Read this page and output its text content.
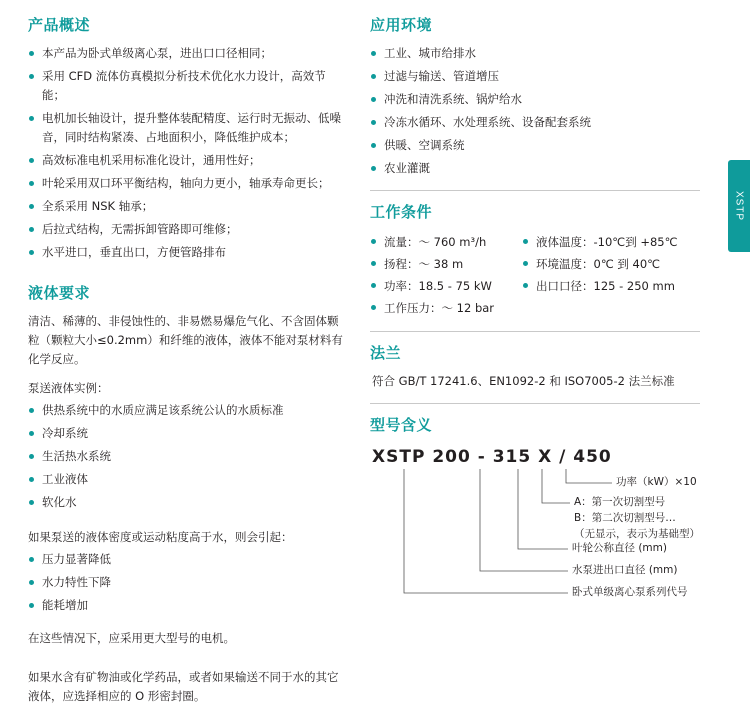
XSTP
产品概述
本产品为卧式单级离心泵，进出口口径相同；
采用 CFD 流体仿真模拟分析技术优化水力设计，高效节能；
电机加长轴设计，提升整体装配精度、运行时无振动、低噪音，同时结构紧凑、占地面积小，降低维护成本；
高效标准电机采用标准化设计，通用性好；
叶轮采用双口环平衡结构，轴向力更小，轴承寿命更长；
全系采用 NSK 轴承；
后拉式结构，无需拆卸管路即可维修；
水平进口，垂直出口，方便管路排布
液体要求

清洁、稀薄的、非侵蚀性的、非易燃易爆危气化、不含固体颗粒（颗粒大小≤0.2mm）和纤维的液体，液体不能对泵材料有化学反应。

泵送液体实例：

供热系统中的水质应满足该系统公认的水质标准
冷却系统
生活热水系统
工业液体
软化水

如果泵送的液体密度或运动粘度高于水，则会引起：

压力显著降低
水力特性下降
能耗增加

在这些情况下，应采用更大型号的电机。

如果水含有矿物油或化学药品，或者如果输送不同于水的其它液体，应选择相应的 O 形密封圈。

应用环境
工业、城市给排水
过滤与输送、管道增压
冲洗和清洗系统、锅炉给水
冷冻水循环、水处理系统、设备配套系统
供暖、空调系统
农业灌溉
工作条件
流量：～ 760 m³/h
扬程：～ 38 m
功率：18.5 - 75 kW
工作压力：～ 12 bar
液体温度：-10℃到 +85℃
环境温度：0℃ 到 40℃
出口口径：125 - 250 mm
法兰
符合 GB/T 17241.6、EN1092-2 和 ISO7005-2 法兰标准
型号含义
XSTP 200 - 315 X / 450
功率（kW）×10
A：第一次切割型号
B：第二次切割型号…
（无显示，表示为基础型）
叶轮公称直径 (mm)
水泵进出口直径 (mm)
卧式单级离心泵系列代号
